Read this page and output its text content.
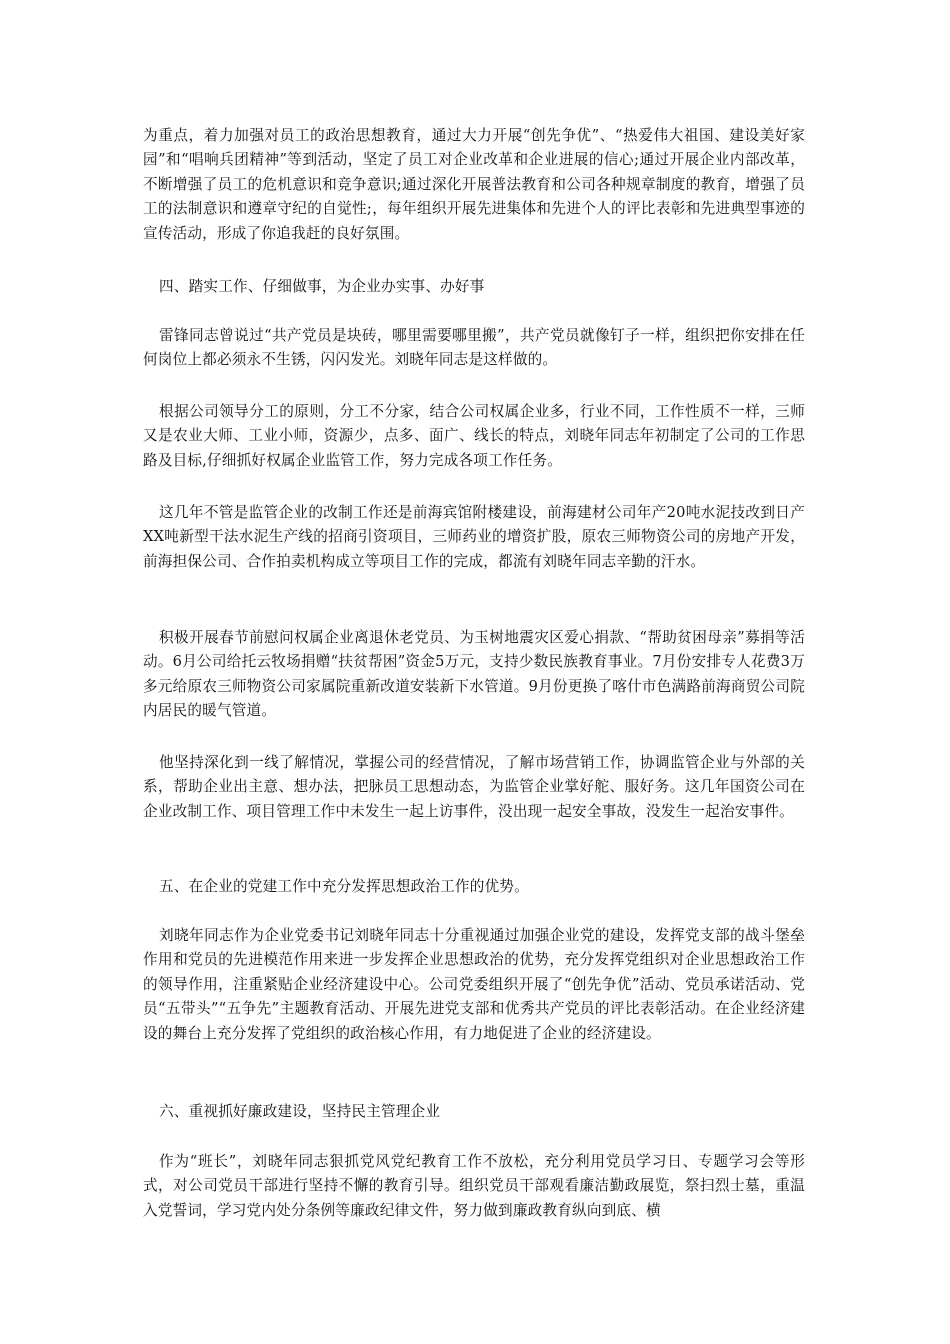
为重点，着力加强对员工的政治思想教育，通过大力开展“创先争优”、“热爱伟大祖国、建设美好家园”和“唱响兵团精神”等到活动，坚定了员工对企业改革和企业进展的信心;通过开展企业内部改革，不断增强了员工的危机意识和竞争意识;通过深化开展普法教育和公司各种规章制度的教育，增强了员工的法制意识和遵章守纪的自觉性;，每年组织开展先进集体和先进个人的评比表彰和先进典型事迹的宣传活动，形成了你追我赶的良好氛围。

四、踏实工作、仔细做事，为企业办实事、办好事

雷锋同志曾说过“共产党员是块砖，哪里需要哪里搬”，共产党员就像钉子一样，组织把你安排在任何岗位上都必须永不生锈，闪闪发光。刘晓年同志是这样做的。

根据公司领导分工的原则，分工不分家，结合公司权属企业多，行业不同，工作性质不一样，三师又是农业大师、工业小师，资源少，点多、面广、线长的特点，刘晓年同志年初制定了公司的工作思路及目标,仔细抓好权属企业监管工作，努力完成各项工作任务。

这几年不管是监管企业的改制工作还是前海宾馆附楼建设，前海建材公司年产20吨水泥技改到日产XX吨新型干法水泥生产线的招商引资项目，三师药业的增资扩股，原农三师物资公司的房地产开发，前海担保公司、合作拍卖机构成立等项目工作的完成，都流有刘晓年同志辛勤的汗水。

积极开展春节前慰问权属企业离退休老党员、为玉树地震灾区爱心捐款、“帮助贫困母亲”募捐等活动。6月公司给托云牧场捐赠“扶贫帮困”资金5万元，支持少数民族教育事业。7月份安排专人花费3万多元给原农三师物资公司家属院重新改道安装新下水管道。9月份更换了喀什市色满路前海商贸公司院内居民的暖气管道。

他坚持深化到一线了解情况，掌握公司的经营情况，了解市场营销工作，协调监管企业与外部的关系，帮助企业出主意、想办法，把脉员工思想动态，为监管企业掌好舵、服好务。这几年国资公司在企业改制工作、项目管理工作中未发生一起上访事件，没出现一起安全事故，没发生一起治安事件。

五、在企业的党建工作中充分发挥思想政治工作的优势。

刘晓年同志作为企业党委书记刘晓年同志十分重视通过加强企业党的建设，发挥党支部的战斗堡垒作用和党员的先进模范作用来进一步发挥企业思想政治的优势，充分发挥党组织对企业思想政治工作的领导作用，注重紧贴企业经济建设中心。公司党委组织开展了“创先争优”活动、党员承诺活动、党员“五带头”“五争先”主题教育活动、开展先进党支部和优秀共产党员的评比表彰活动。在企业经济建设的舞台上充分发挥了党组织的政治核心作用，有力地促进了企业的经济建设。

六、重视抓好廉政建设，坚持民主管理企业

作为“班长”，刘晓年同志狠抓党风党纪教育工作不放松，充分利用党员学习日、专题学习会等形式，对公司党员干部进行坚持不懈的教育引导。组织党员干部观看廉洁勤政展览，祭扫烈士墓，重温入党誓词，学习党内处分条例等廉政纪律文件，努力做到廉政教育纵向到底、横
